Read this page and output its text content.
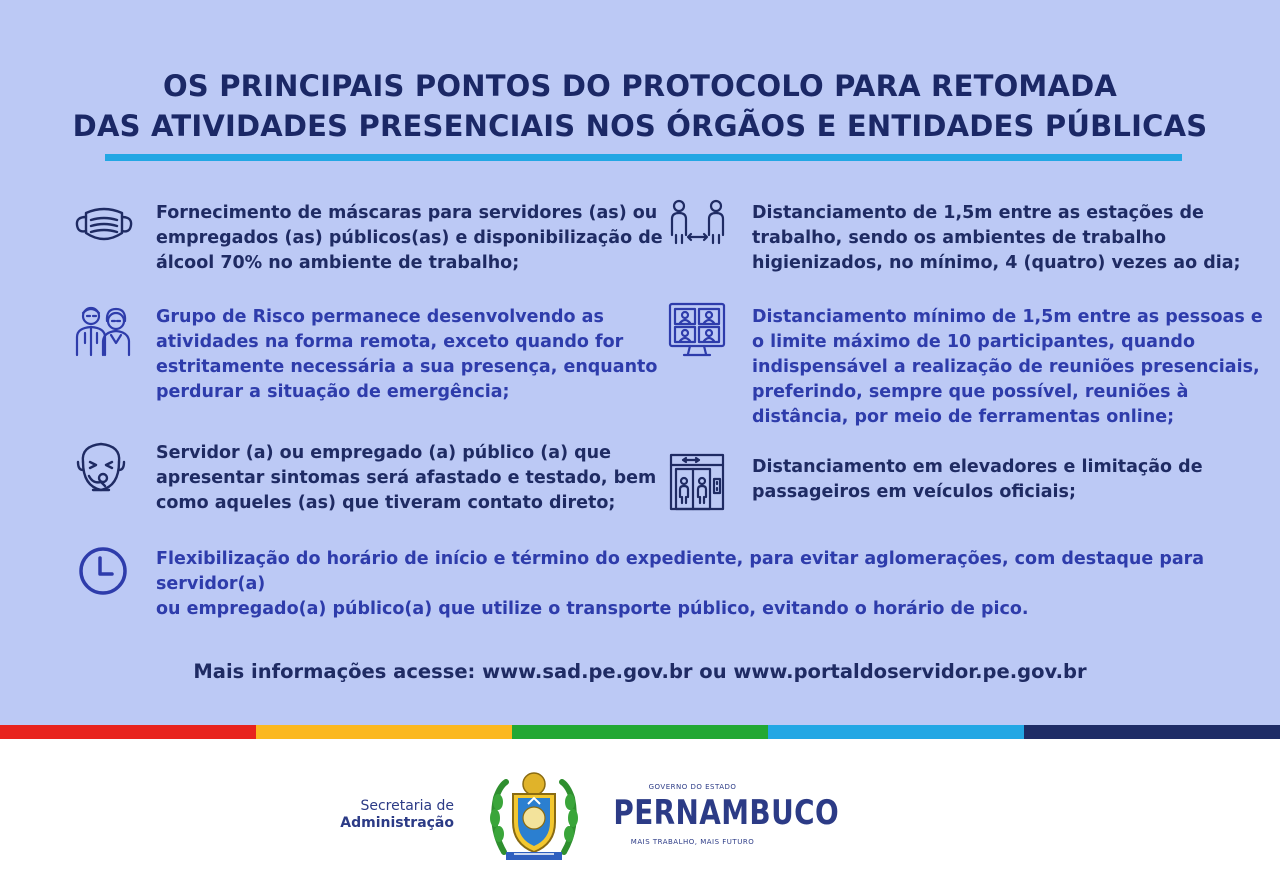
OS PRINCIPAIS PONTOS DO PROTOCOLO PARA RETOMADA
DAS ATIVIDADES PRESENCIAIS NOS ÓRGÃOS E ENTIDADES PÚBLICAS
Fornecimento de máscaras para servidores (as) ou
empregados (as) públicos(as) e disponibilização de
álcool 70% no ambiente de trabalho;
Grupo de Risco permanece desenvolvendo as
atividades na forma remota, exceto quando for
estritamente necessária a sua presença, enquanto
perdurar a situação de emergência;
Servidor (a) ou empregado (a) público (a) que
apresentar sintomas será afastado e testado, bem
como aqueles (as) que tiveram contato direto;
Distanciamento de 1,5m entre as estações de
trabalho, sendo os ambientes de trabalho
higienizados, no mínimo, 4 (quatro) vezes ao dia;
Distanciamento mínimo de 1,5m entre as pessoas e
o limite máximo de 10 participantes, quando
indispensável a realização de reuniões presenciais,
preferindo, sempre que possível, reuniões à
distância, por meio de ferramentas online;
Distanciamento em elevadores e limitação de
passageiros em veículos oficiais;
Flexibilização do horário de início e término do expediente, para evitar aglomerações, com destaque para servidor(a)
ou empregado(a) público(a) que utilize o transporte público, evitando o horário de pico.
Mais informações acesse: www.sad.pe.gov.br ou www.portaldoservidor.pe.gov.br
Secretaria de
Administração
GOVERNO DO ESTADO
PERNAMBUCO
MAIS TRABALHO, MAIS FUTURO
